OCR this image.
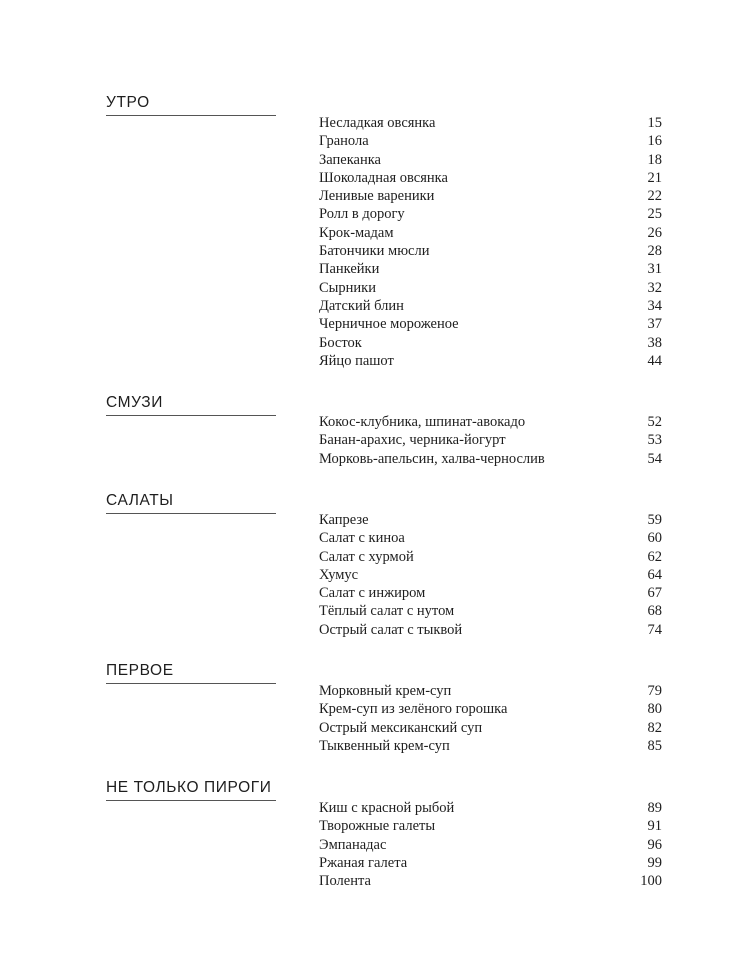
УТРО
Несладкая овсянка	15
Гранола	16
Запеканка	18
Шоколадная овсянка	21
Ленивые вареники	22
Ролл в дорогу	25
Крок-мадам	26
Батончики мюсли	28
Панкейки	31
Сырники	32
Датский блин	34
Черничное мороженое	37
Босток	38
Яйцо пашот	44
СМУЗИ
Кокос-клубника, шпинат-авокадо	52
Банан-арахис, черника-йогурт	53
Морковь-апельсин, халва-чернослив	54
САЛАТЫ
Капрезе	59
Салат с киноа	60
Салат с хурмой	62
Хумус	64
Салат с инжиром	67
Тёплый салат с нутом	68
Острый салат с тыквой	74
ПЕРВОЕ
Морковный крем-суп	79
Крем-суп из зелёного горошка	80
Острый мексиканский суп	82
Тыквенный крем-суп	85
НЕ ТОЛЬКО ПИРОГИ
Киш с красной рыбой	89
Творожные галеты	91
Эмпанадас	96
Ржаная галета	99
Полента	100
